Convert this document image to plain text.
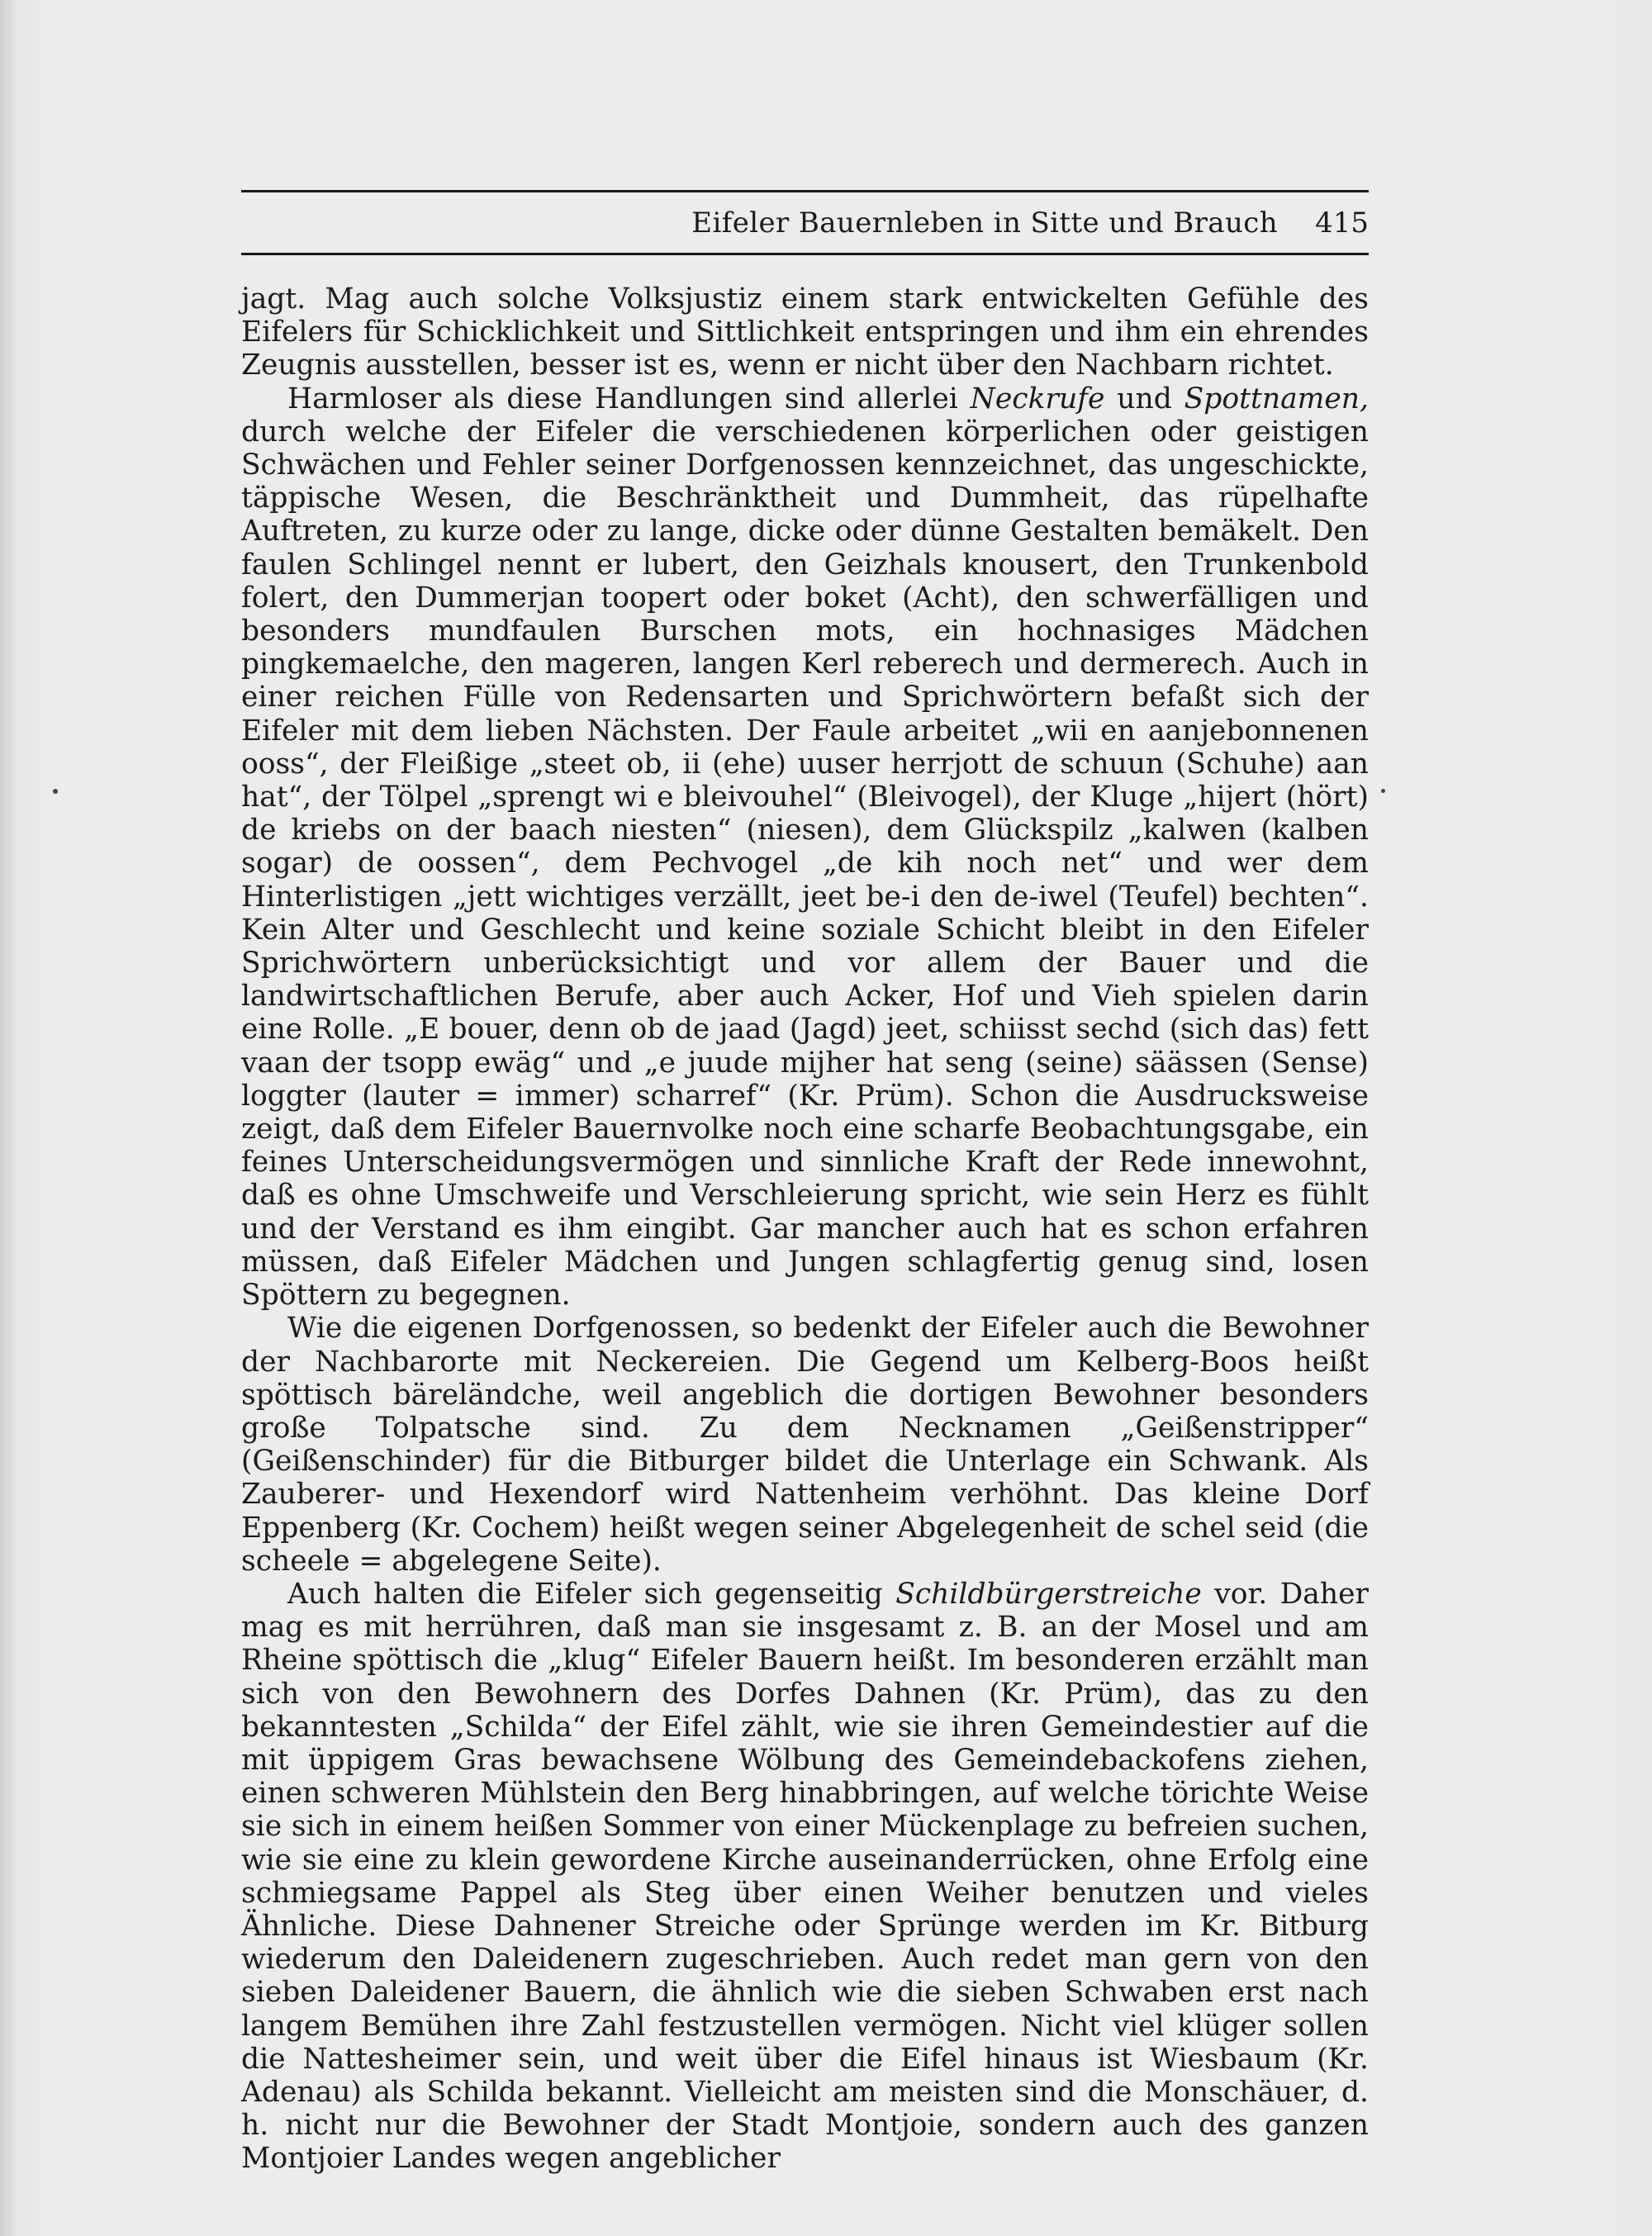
Eifeler Bauernleben in Sitte und Brauch 415

jagt. Mag auch solche Volksjustiz einem stark entwickelten Gefühle des Eifelers für Schicklichkeit und Sittlichkeit entspringen und ihm ein ehrendes Zeugnis ausstellen, besser ist es, wenn er nicht über den Nachbarn richtet.

Harmloser als diese Handlungen sind allerlei Neckrufe und Spottnamen, durch welche der Eifeler die verschiedenen körperlichen oder geistigen Schwächen und Fehler seiner Dorfgenossen kennzeichnet, das ungeschickte, täppische Wesen, die Beschränktheit und Dummheit, das rüpelhafte Auftreten, zu kurze oder zu lange, dicke oder dünne Gestalten bemäkelt. Den faulen Schlingel nennt er lubert, den Geizhals knousert, den Trunkenbold folert, den Dummerjan toopert oder boket (Acht), den schwerfälligen und besonders mundfaulen Burschen mots, ein hochnasiges Mädchen pingkemaelche, den mageren, langen Kerl reberech und dermerech. Auch in einer reichen Fülle von Redensarten und Sprichwörtern befaßt sich der Eifeler mit dem lieben Nächsten. Der Faule arbeitet „wii en aanjebonnenen ooss“, der Fleißige „steet ob, ii (ehe) uuser herrjott de schuun (Schuhe) aan hat“, der Tölpel „sprengt wi e bleivouhel“ (Bleivogel), der Kluge „hijert (hört) de kriebs on der baach niesten“ (niesen), dem Glückspilz „kalwen (kalben sogar) de oossen“, dem Pechvogel „de kih noch net“ und wer dem Hinterlistigen „jett wichtiges verzällt, jeet be-i den de-iwel (Teufel) bechten“. Kein Alter und Geschlecht und keine soziale Schicht bleibt in den Eifeler Sprichwörtern unberücksichtigt und vor allem der Bauer und die landwirtschaftlichen Berufe, aber auch Acker, Hof und Vieh spielen darin eine Rolle. „E bouer, denn ob de jaad (Jagd) jeet, schiisst sechd (sich das) fett vaan der tsopp ewäg“ und „e juude mijher hat seng (seine) säässen (Sense) loggter (lauter = immer) scharref“ (Kr. Prüm). Schon die Ausdrucksweise zeigt, daß dem Eifeler Bauernvolke noch eine scharfe Beobachtungsgabe, ein feines Unterscheidungsvermögen und sinnliche Kraft der Rede innewohnt, daß es ohne Umschweife und Verschleierung spricht, wie sein Herz es fühlt und der Verstand es ihm eingibt. Gar mancher auch hat es schon erfahren müssen, daß Eifeler Mädchen und Jungen schlagfertig genug sind, losen Spöttern zu begegnen.

Wie die eigenen Dorfgenossen, so bedenkt der Eifeler auch die Bewohner der Nachbarorte mit Neckereien. Die Gegend um Kelberg-Boos heißt spöttisch bäreländche, weil angeblich die dortigen Bewohner besonders große Tolpatsche sind. Zu dem Necknamen „Geißenstripper“ (Geißenschinder) für die Bitburger bildet die Unterlage ein Schwank. Als Zauberer- und Hexendorf wird Nattenheim verhöhnt. Das kleine Dorf Eppenberg (Kr. Cochem) heißt wegen seiner Abgelegenheit de schel seid (die scheele = abgelegene Seite).

Auch halten die Eifeler sich gegenseitig Schildbürgerstreiche vor. Daher mag es mit herrühren, daß man sie insgesamt z. B. an der Mosel und am Rheine spöttisch die „klug“ Eifeler Bauern heißt. Im besonderen erzählt man sich von den Bewohnern des Dorfes Dahnen (Kr. Prüm), das zu den bekanntesten „Schilda“ der Eifel zählt, wie sie ihren Gemeindestier auf die mit üppigem Gras bewachsene Wölbung des Gemeindebackofens ziehen, einen schweren Mühlstein den Berg hinabbringen, auf welche törichte Weise sie sich in einem heißen Sommer von einer Mückenplage zu befreien suchen, wie sie eine zu klein gewordene Kirche auseinanderrücken, ohne Erfolg eine schmiegsame Pappel als Steg über einen Weiher benutzen und vieles Ähnliche. Diese Dahnener Streiche oder Sprünge werden im Kr. Bitburg wiederum den Daleidenern zugeschrieben. Auch redet man gern von den sieben Daleidener Bauern, die ähnlich wie die sieben Schwaben erst nach langem Bemühen ihre Zahl festzustellen vermögen. Nicht viel klüger sollen die Nattesheimer sein, und weit über die Eifel hinaus ist Wiesbaum (Kr. Adenau) als Schilda bekannt. Vielleicht am meisten sind die Monschäuer, d. h. nicht nur die Bewohner der Stadt Montjoie, sondern auch des ganzen Montjoier Landes wegen angeblicher
